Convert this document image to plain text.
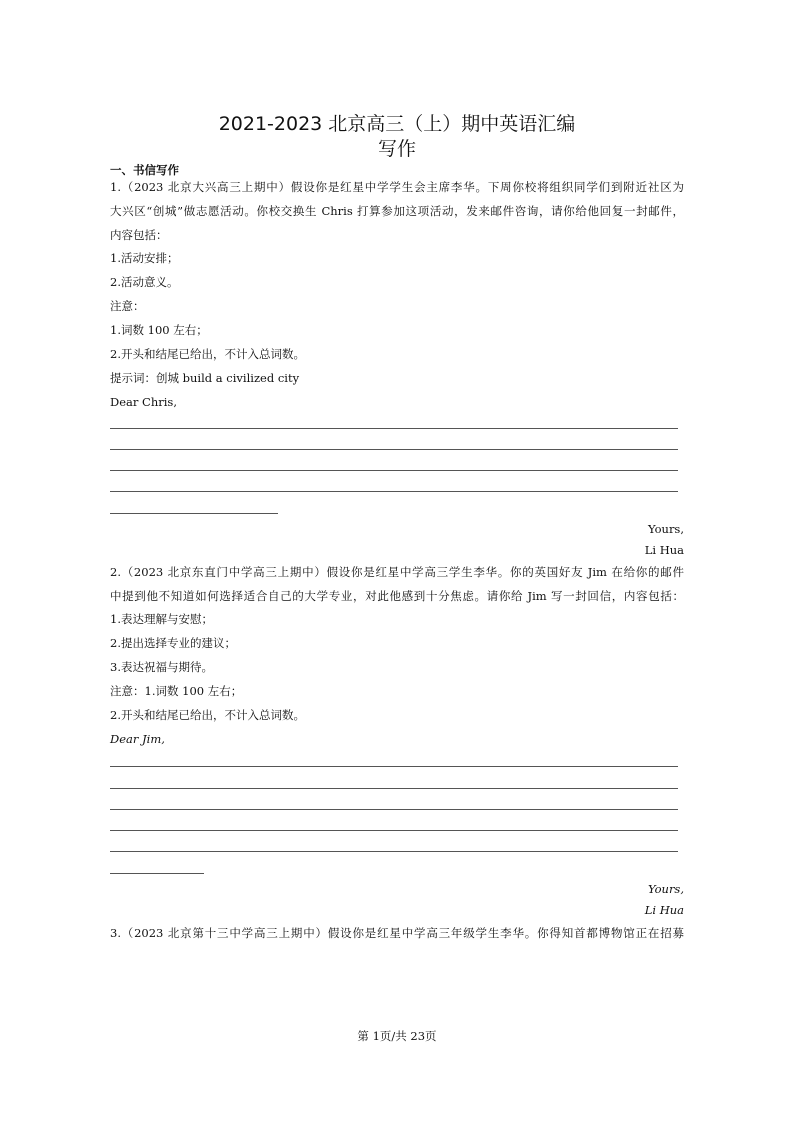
2021-2023 北京高三（上）期中英语汇编
写作
一、书信写作
1.（2023 北京大兴高三上期中）假设你是红星中学学生会主席李华。下周你校将组织同学们到附近社区为
大兴区“创城”做志愿活动。你校交换生 Chris 打算参加这项活动，发来邮件咨询，请你给他回复一封邮件，
内容包括：
1.活动安排；
2.活动意义。
注意：
1.词数 100 左右；
2.开头和结尾已给出，不计入总词数。
提示词：创城 build a civilized city
Dear Chris,
Yours,
Li Hua
2.（2023 北京东直门中学高三上期中）假设你是红星中学高三学生李华。你的英国好友 Jim 在给你的邮件
中提到他不知道如何选择适合自己的大学专业，对此他感到十分焦虑。请你给 Jim 写一封回信，内容包括：
1.表达理解与安慰；
2.提出选择专业的建议；
3.表达祝福与期待。
注意：1.词数 100 左右；
2.开头和结尾已给出，不计入总词数。
Dear Jim,
Yours,
Li Hua
3.（2023 北京第十三中学高三上期中）假设你是红星中学高三年级学生李华。你得知首都博物馆正在招募
第 1页/共 23页
